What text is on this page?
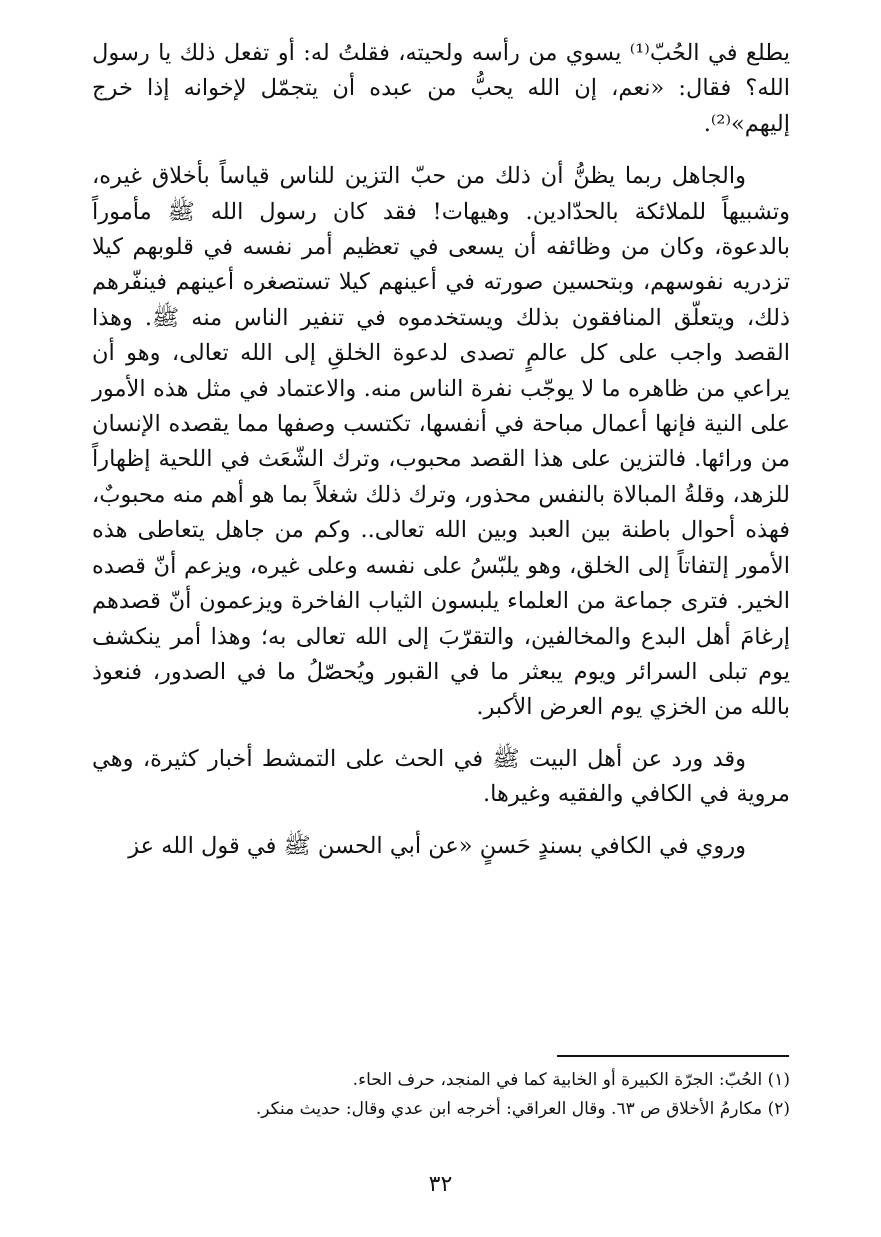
يطلع في الحُبّ⁽¹⁾ يسوي من رأسه ولحيته، فقلتُ له: أو تفعل ذلك يا رسول الله؟ فقال: «نعم، إن الله يحبُّ من عبده أن يتجمّل لإخوانه إذا خرج إليهم»⁽²⁾.

والجاهل ربما يظنُّ أن ذلك من حبّ التزين للناس قياساً بأخلاق غيره، وتشبيهاً للملائكة بالحدّادين. وهيهات! فقد كان رسول الله ﷺ مأموراً بالدعوة، وكان من وظائفه أن يسعى في تعظيم أمر نفسه في قلوبهم كيلا تزدريه نفوسهم، وبتحسين صورته في أعينهم كيلا تستصغره أعينهم فينفّرهم ذلك، ويتعلّق المنافقون بذلك ويستخدموه في تنفير الناس منه ﷺ. وهذا القصد واجب على كل عالمٍ تصدى لدعوة الخلقِ إلى الله تعالى، وهو أن يراعي من ظاهره ما لا يوجّب نفرة الناس منه. والاعتماد في مثل هذه الأمور على النية فإنها أعمال مباحة في أنفسها، تكتسب وصفها مما يقصده الإنسان من ورائها. فالتزين على هذا القصد محبوب، وترك الشّعَث في اللحية إظهاراً للزهد، وقلةُ المبالاة بالنفس محذور، وترك ذلك شغلاً بما هو أهم منه محبوبٌ، فهذه أحوال باطنة بين العبد وبين الله تعالى.. وكم من جاهل يتعاطى هذه الأمور إلتفاتاً إلى الخلق، وهو يلبّسُ على نفسه وعلى غيره، ويزعم أنّ قصده الخير. فترى جماعة من العلماء يلبسون الثياب الفاخرة ويزعمون أنّ قصدهم إرغامَ أهل البدع والمخالفين، والتقرّبَ إلى الله تعالى به؛ وهذا أمر ينكشف يوم تبلى السرائر ويوم يبعثر ما في القبور ويُحصّلُ ما في الصدور، فنعوذ بالله من الخزي يوم العرض الأكبر.

وقد ورد عن أهل البيت ﷺ في الحث على التمشط أخبار كثيرة، وهي مروية في الكافي والفقيه وغيرها.

وروي في الكافي بسندٍ حَسنٍ «عن أبي الحسن ﷺ في قول الله عز

(١) الحُبّ: الجرّة الكبيرة أو الخابية كما في المنجد، حرف الحاء.

(٢) مكارمُ الأخلاق ص ٦٣. وقال العراقي: أخرجه ابن عدي وقال: حديث منكر.

٣٢
